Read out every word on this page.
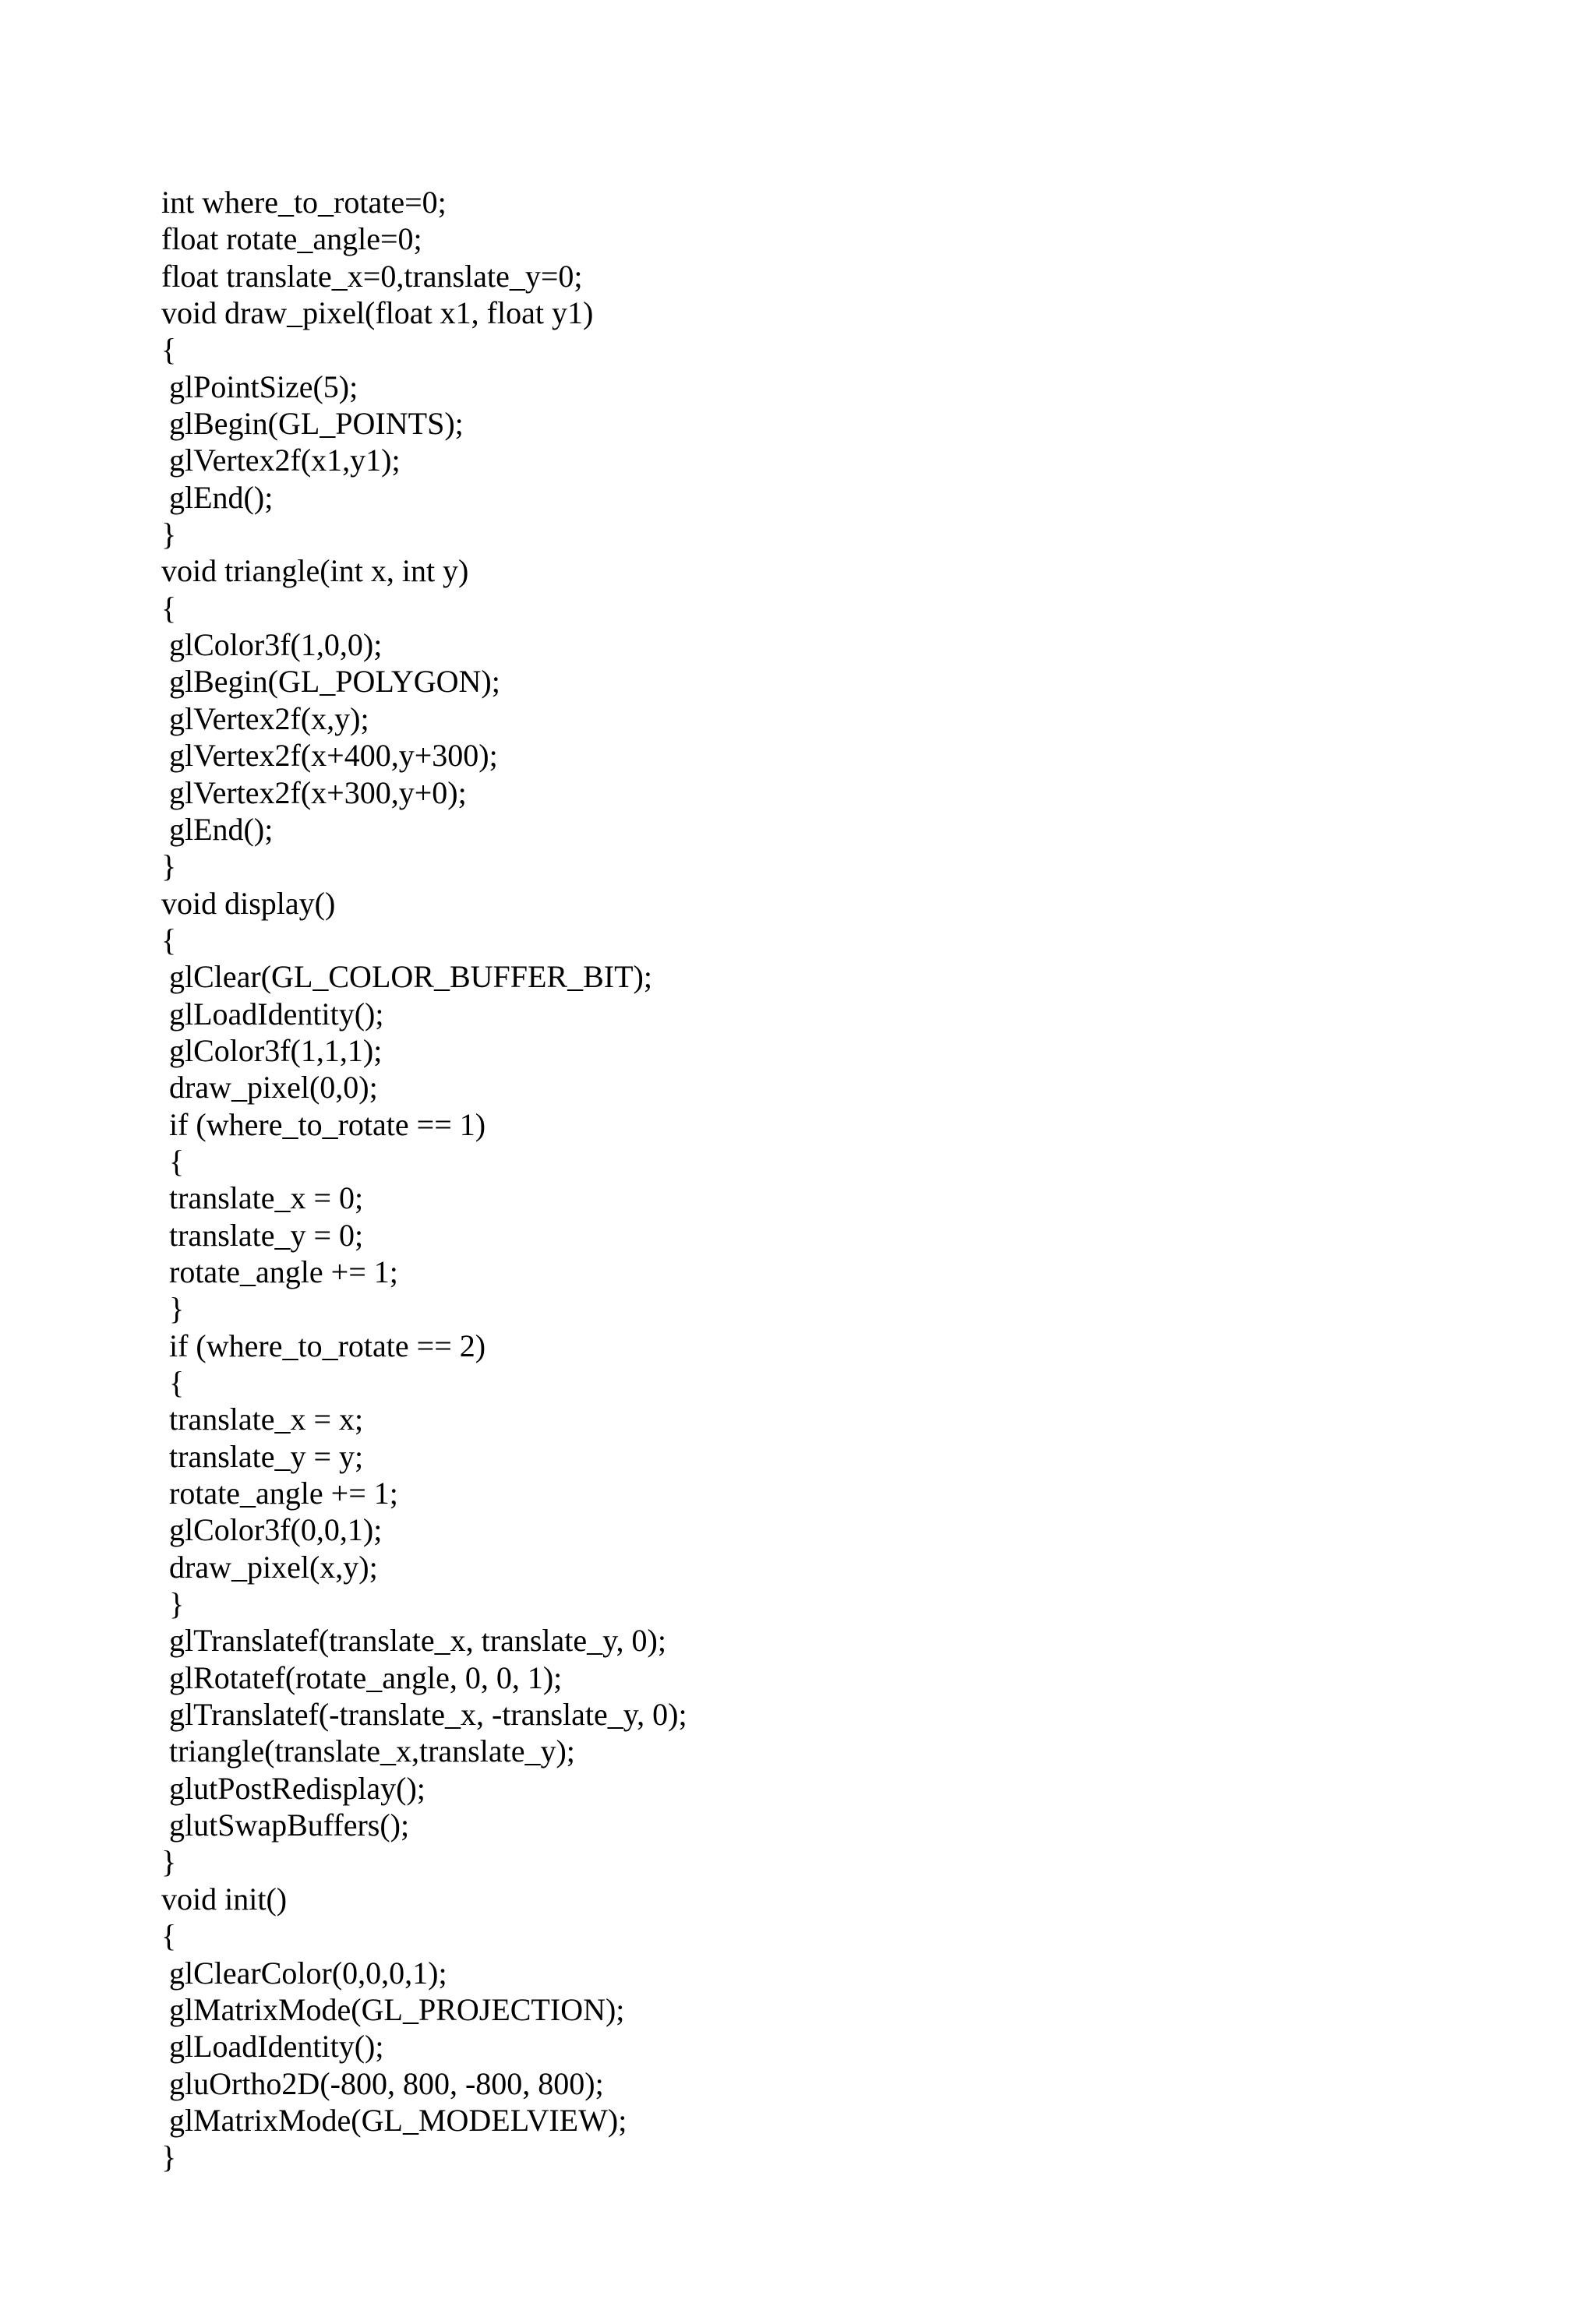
int where_to_rotate=0;
float rotate_angle=0;
float translate_x=0,translate_y=0;
void draw_pixel(float x1, float y1)
{
glPointSize(5);
glBegin(GL_POINTS);
glVertex2f(x1,y1);
glEnd();
}
void triangle(int x, int y)
{
glColor3f(1,0,0);
glBegin(GL_POLYGON);
glVertex2f(x,y);
glVertex2f(x+400,y+300);
glVertex2f(x+300,y+0);
glEnd();
}
void display()
{
glClear(GL_COLOR_BUFFER_BIT);
glLoadIdentity();
glColor3f(1,1,1);
draw_pixel(0,0);
if (where_to_rotate == 1)
{
translate_x = 0;
translate_y = 0;
rotate_angle += 1;
}
if (where_to_rotate == 2)
{
translate_x = x;
translate_y = y;
rotate_angle += 1;
glColor3f(0,0,1);
draw_pixel(x,y);
}
glTranslatef(translate_x, translate_y, 0);
glRotatef(rotate_angle, 0, 0, 1);
glTranslatef(-translate_x, -translate_y, 0);
triangle(translate_x,translate_y);
glutPostRedisplay();
glutSwapBuffers();
}
void init()
{
glClearColor(0,0,0,1);
glMatrixMode(GL_PROJECTION);
glLoadIdentity();
gluOrtho2D(-800, 800, -800, 800);
glMatrixMode(GL_MODELVIEW);
}
